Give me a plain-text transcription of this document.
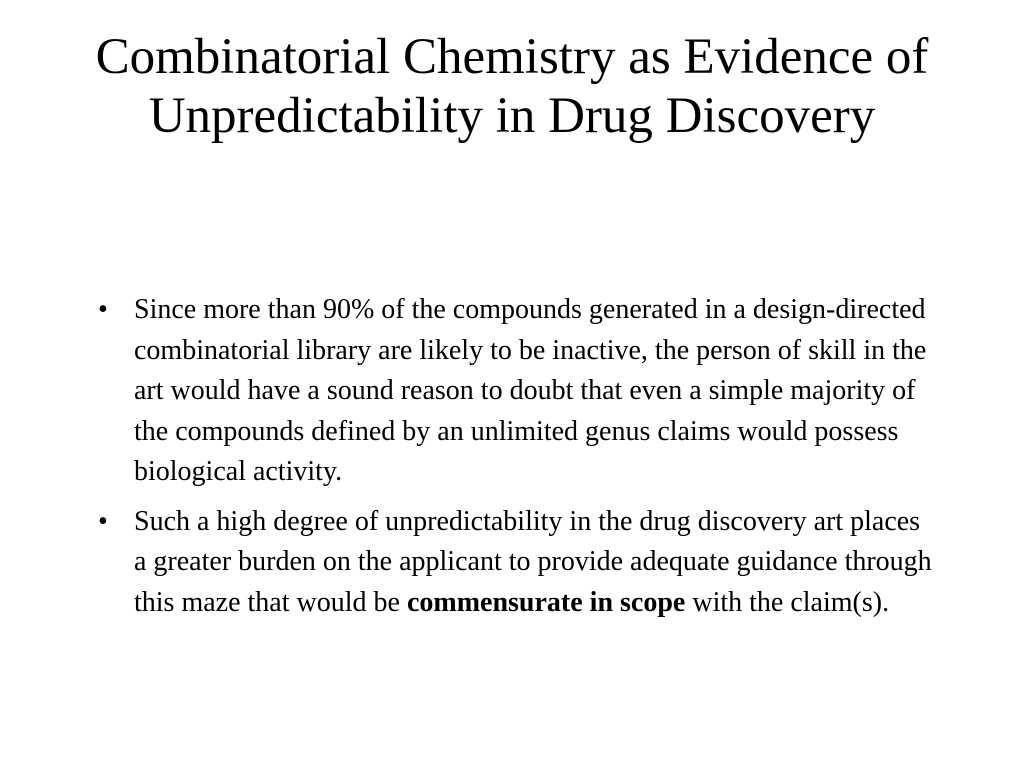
Combinatorial Chemistry as Evidence of Unpredictability in Drug Discovery
• Since more than 90% of the compounds generated in a design-directed combinatorial library are likely to be inactive, the person of skill in the art would have a sound reason to doubt that even a simple majority of the compounds defined by an unlimited genus claims would possess biological activity.
• Such a high degree of unpredictability in the drug discovery art places a greater burden on the applicant to provide adequate guidance through this maze that would be commensurate in scope with the claim(s).
